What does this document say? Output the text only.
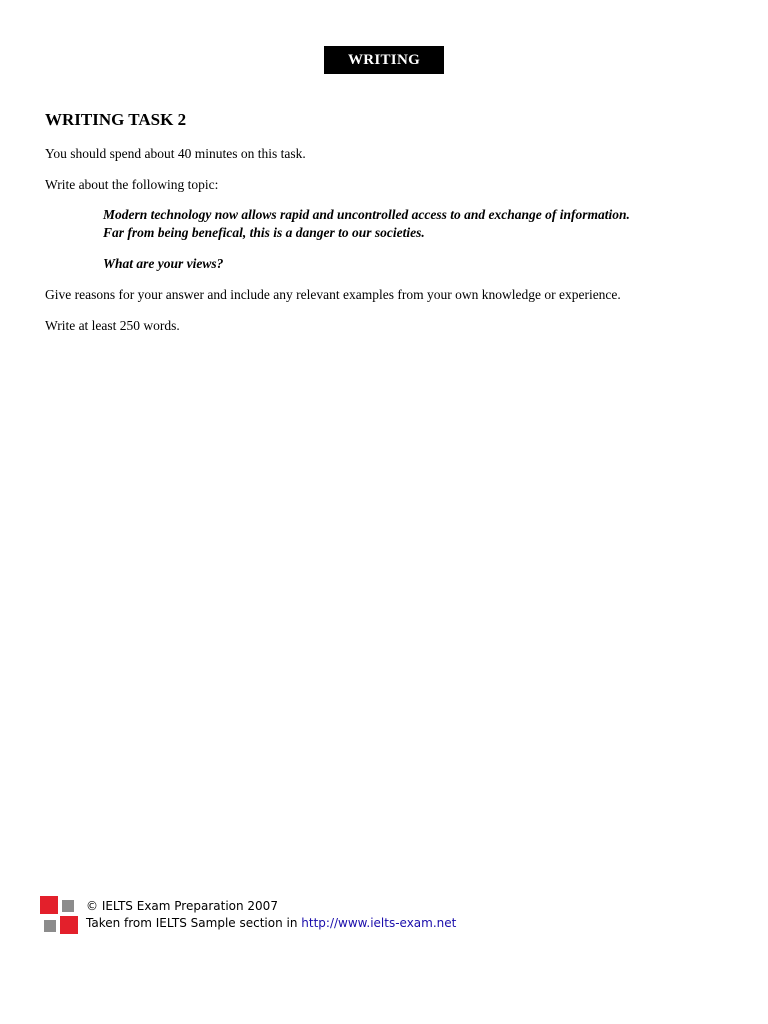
WRITING
WRITING TASK 2

You should spend about 40 minutes on this task.

Write about the following topic:

Modern technology now allows rapid and uncontrolled access to and exchange of information.

Far from being benefical, this is a danger to our societies.

What are your views?

Give reasons for your answer and include any relevant examples from your own knowledge or experience.

Write at least 250 words.

© IELTS Exam Preparation 2007
Taken from IELTS Sample section in http://www.ielts-exam.net
